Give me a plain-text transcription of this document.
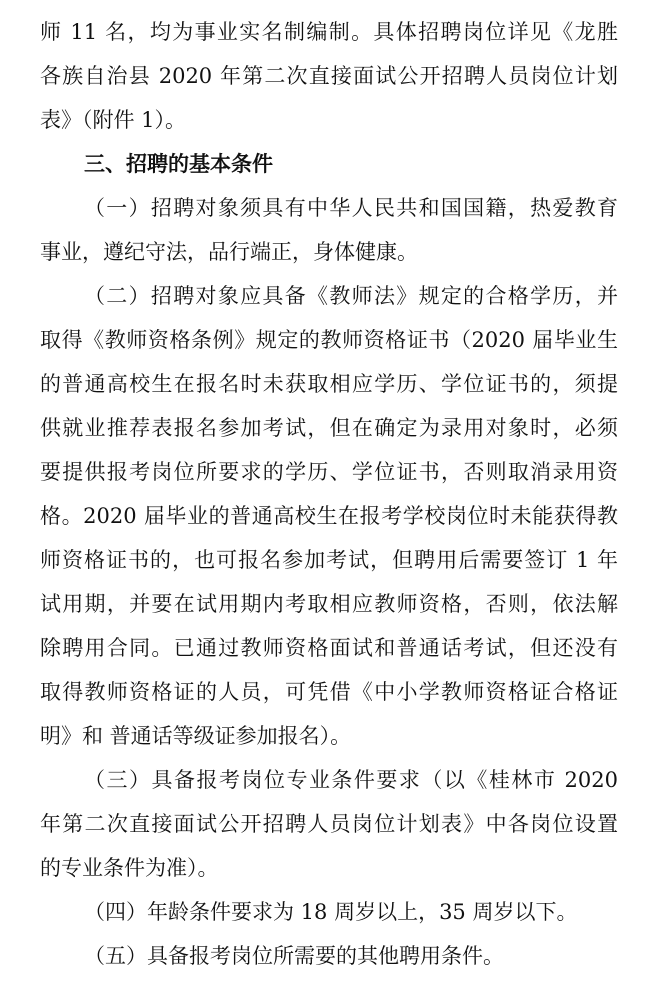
师 11 名，均为事业实名制编制。具体招聘岗位详见《龙胜
各族自治县 2020 年第二次直接面试公开招聘人员岗位计划
表》（附件 1）。
三、招聘的基本条件
（一）招聘对象须具有中华人民共和国国籍，热爱教育
事业，遵纪守法，品行端正，身体健康。
（二）招聘对象应具备《教师法》规定的合格学历，并
取得《教师资格条例》规定的教师资格证书（2020 届毕业生
的普通高校生在报名时未获取相应学历、学位证书的，须提
供就业推荐表报名参加考试，但在确定为录用对象时，必须
要提供报考岗位所要求的学历、学位证书，否则取消录用资
格。2020 届毕业的普通高校生在报考学校岗位时未能获得教
师资格证书的，也可报名参加考试，但聘用后需要签订 1 年
试用期，并要在试用期内考取相应教师资格，否则，依法解
除聘用合同。已通过教师资格面试和普通话考试，但还没有
取得教师资格证的人员，可凭借《中小学教师资格证合格证
明》和 普通话等级证参加报名）。
（三）具备报考岗位专业条件要求（以《桂林市 2020
年第二次直接面试公开招聘人员岗位计划表》中各岗位设置
的专业条件为准）。
（四）年龄条件要求为 18 周岁以上，35 周岁以下。
（五）具备报考岗位所需要的其他聘用条件。
